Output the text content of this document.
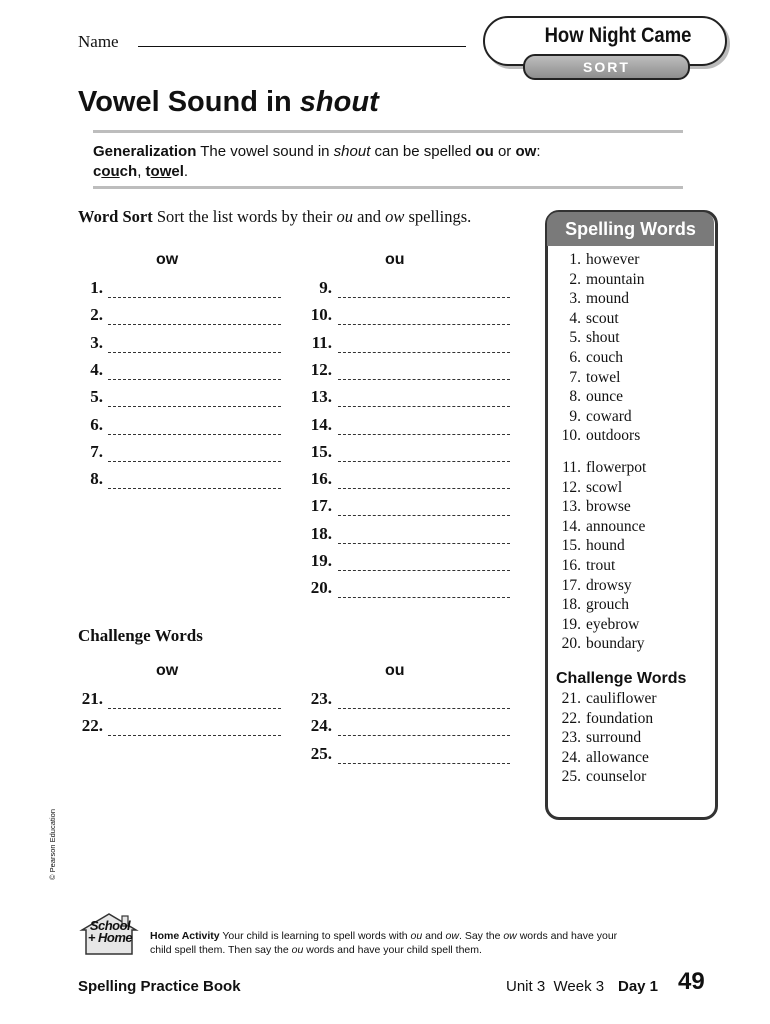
Name	How Night Came
SORT
Vowel Sound in shout
Generalization The vowel sound in shout can be spelled ou or ow:
couch, towel.
Word Sort Sort the list words by their ou and ow spellings.
ow	ou
1.
2.
3.
4.
5.
6.
7.
8.
9.
10.
11.
12.
13.
14.
15.
16.
17.
18.
19.
20.
Challenge Words
ow	ou
21.
22.
23.
24.
25.
Spelling Words
1. however
2. mountain
3. mound
4. scout
5. shout
6. couch
7. towel
8. ounce
9. coward
10. outdoors
11. flowerpot
12. scowl
13. browse
14. announce
15. hound
16. trout
17. drowsy
18. grouch
19. eyebrow
20. boundary
Challenge Words
21. cauliflower
22. foundation
23. surround
24. allowance
25. counselor
© Pearson Education
School
+ Home	Home Activity Your child is learning to spell words with ou and ow. Say the ow words and have your
child spell them. Then say the ou words and have your child spell them.
Spelling Practice Book	Unit 3  Week 3 Day 1 49
